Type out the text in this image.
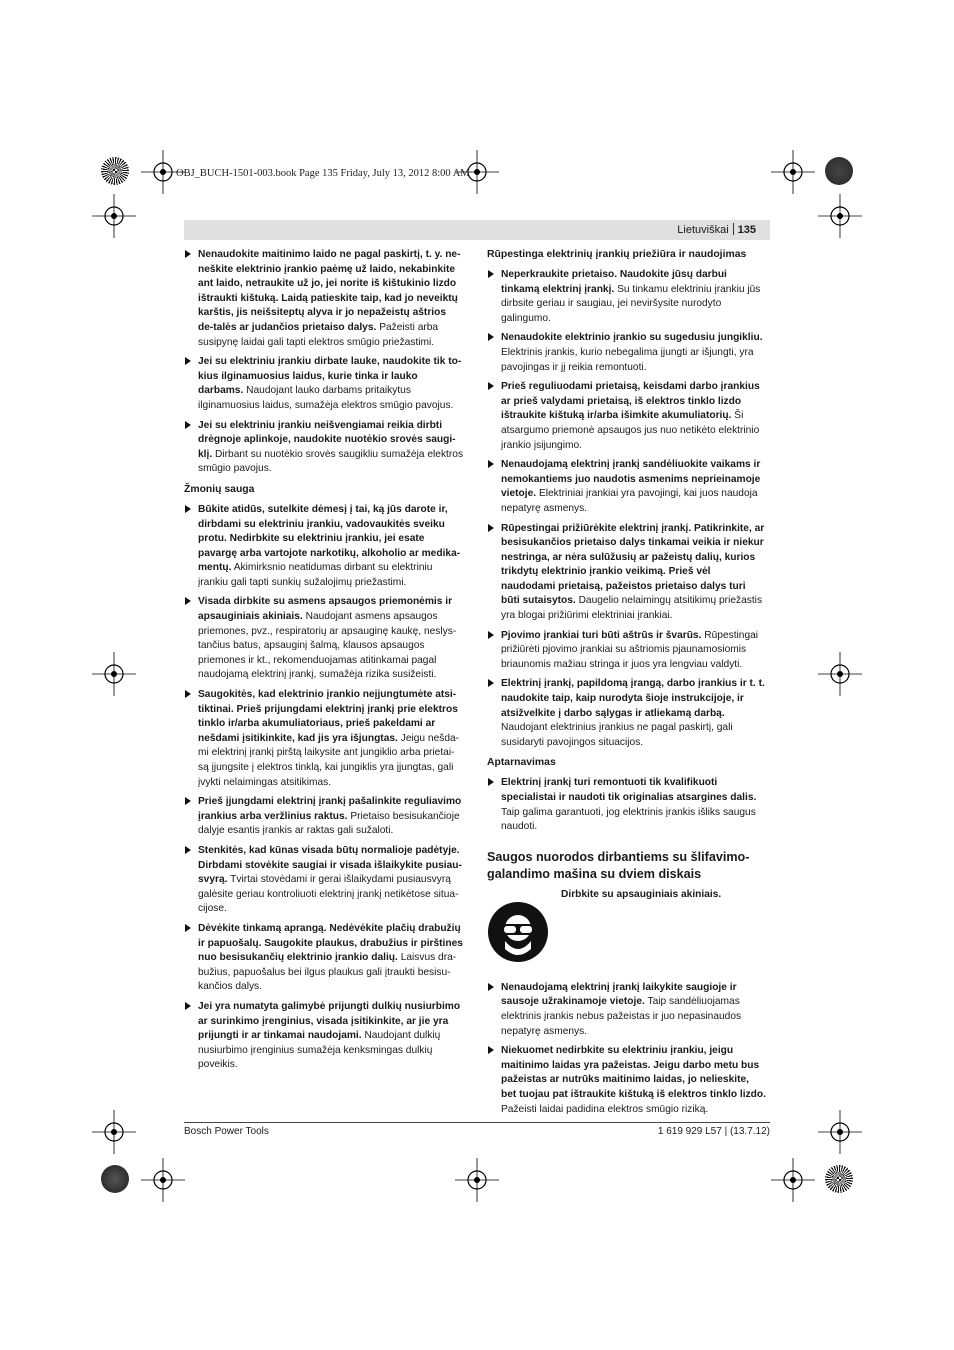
OBJ_BUCH-1501-003.book Page 135 Friday, July 13, 2012 8:00 AM
Lietuviškai 135
Nenaudokite maitinimo laido ne pagal paskirtį, t. y. ne-neškite elektrinio įrankio paėmę už laido, nekabinkite ant laido, netraukite už jo, jei norite iš kištukinio lizdo ištraukti kištuką. Laidą patieskite taip, kad jo neveiktų karštis, jis neišsiteptų alyva ir jo nepažeistų aštrios de-talės ar judančios prietaiso dalys. Pažeisti arba susipynę laidai gali tapti elektros smūgio priežastimi.
Jei su elektriniu įrankiu dirbate lauke, naudokite tik to-kius ilginamuosius laidus, kurie tinka ir lauko darbams. Naudojant lauko darbams pritaikytus ilginamuosius laidus, sumažėja elektros smūgio pavojus.
Jei su elektriniu įrankiu neišvengiamai reikia dirbti drėgnoje aplinkoje, naudokite nuotėkio srovės saugi-klį. Dirbant su nuotėkio srovės saugikliu sumažėja elektros smūgio pavojus.
Žmonių sauga
Būkite atidūs, sutelkite dėmesį į tai, ką jūs darote ir, dirbdami su elektriniu įrankiu, vadovaukitės sveiku protu. Nedirbkite su elektriniu įrankiu, jei esate pavargę arba vartojote narkotikų, alkoholio ar medika-mentų. Akimirksnio neatidumas dirbant su elektriniu įrankiu gali tapti sunkių sužalojimų priežastimi.
Visada dirbkite su asmens apsaugos priemonėmis ir apsauginiais akiniais. Naudojant asmens apsaugos priemones, pvz., respiratorių ar apsauginę kaukę, neslys-tančius batus, apsauginį šalmą, klausos apsaugos priemones ir kt., rekomenduojamas atitinkamai pagal naudojamą elektrinį įrankį, sumažėja rizika susižeisti.
Saugokitės, kad elektrinio įrankio neįjungtumėte atsi-tiktinai. Prieš prijungdami elektrinį įrankį prie elektros tinklo ir/arba akumuliatoriaus, prieš pakeldami ar nešdami įsitikinkite, kad jis yra išjungtas. Jeigu nešda-mi elektrinį įrankį pirštą laikysite ant jungiklio arba prietai-są įjungsite į elektros tinklą, kai jungiklis yra įjungtas, gali įvykti nelaimingas atsitikimas.
Prieš įjungdami elektrinį įrankį pašalinkite reguliavimo įrankius arba veržlinius raktus. Prietaiso besisukančioje dalyje esantis įrankis ar raktas gali sužaloti.
Stenkitės, kad kūnas visada būtų normalioje padėtyje. Dirbdami stovėkite saugiai ir visada išlaikykite pusiau-svyrą. Tvirtai stovėdami ir gerai išlaikydami pusiausvyrą galėsite geriau kontroliuoti elektrinį įrankį netikėtose situa-cijose.
Dėvėkite tinkamą aprangą. Nedėvėkite plačių drabužių ir papuošalų. Saugokite plaukus, drabužius ir pirštines nuo besisukančių elektrinio įrankio dalių. Laisvus dra-bužius, papuošalus bei ilgus plaukus gali įtraukti besisu-kančios dalys.
Jei yra numatyta galimybė prijungti dulkių nusiurbimo ar surinkimo įrenginius, visada įsitikinkite, ar jie yra prijungti ir ar tinkamai naudojami. Naudojant dulkių nusiurbimo įrenginius sumažėja kenksmingas dulkių poveikis.
Rūpestinga elektrinių įrankių priežiūra ir naudojimas
Neperkraukite prietaiso. Naudokite jūsų darbui tinkamą elektrinį įrankį. Su tinkamu elektriniu įrankiu jūs dirbsite geriau ir saugiau, jei neviršysite nurodyto galingumo.
Nenaudokite elektrinio įrankio su sugedusiu jungikliu. Elektrinis įrankis, kurio nebegalima įjungti ar išjungti, yra pavojingas ir jį reikia remontuoti.
Prieš reguliuodami prietaisą, keisdami darbo įrankius ar prieš valydami prietaisą, iš elektros tinklo lizdo ištraukite kištuką ir/arba išimkite akumuliatorių. Ši atsargumo priemonė apsaugos jus nuo netikėto elektrinio įrankio įsijungimo.
Nenaudojamą elektrinį įrankį sandėliuokite vaikams ir nemokantiems juo naudotis asmenims neprieinamoje vietoje. Elektriniai įrankiai yra pavojingi, kai juos naudoja nepatyrę asmenys.
Rūpestingai prižiūrėkite elektrinį įrankį. Patikrinkite, ar besisukančios prietaiso dalys tinkamai veikia ir niekur nestringa, ar nėra sulūžusių ar pažeistų dalių, kurios trikdytų elektrinio įrankio veikimą. Prieš vėl naudodami prietaisą, pažeistos prietaiso dalys turi būti sutaisytos. Daugelio nelaimingų atsitikimų priežastis yra blogai prižiūrimi elektriniai įrankiai.
Pjovimo įrankiai turi būti aštrūs ir švarūs. Rūpestingai prižiūrėti pjovimo įrankiai su aštriomis pjaunamosiomis briaunomis mažiau stringa ir juos yra lengviau valdyti.
Elektrinį įrankį, papildomą įrangą, darbo įrankius ir t. t. naudokite taip, kaip nurodyta šioje instrukcijoje, ir atsižvelkite į darbo sąlygas ir atliekamą darbą. Naudojant elektrinius įrankius ne pagal paskirtį, gali susidaryti pavojingos situacijos.
Aptarnavimas
Elektrinį įrankį turi remontuoti tik kvalifikuoti specialistai ir naudoti tik originalias atsargines dalis. Taip galima garantuoti, jog elektrinis įrankis išliks saugus naudoti.
Saugos nuorodos dirbantiems su šlifavimo-galandimo mašina su dviem diskais
Dirbkite su apsauginiais akiniais.
Nenaudojamą elektrinį įrankį laikykite saugioje ir sausoje užrakinamoje vietoje. Taip sandėliuojamas elektrinis įrankis nebus pažeistas ir juo nepasinaudos nepatyrę asmenys.
Niekuomet nedirbkite su elektriniu įrankiu, jeigu maitinimo laidas yra pažeistas. Jeigu darbo metu bus pažeistas ar nutrūks maitinimo laidas, jo nelieskite, bet tuojau pat ištraukite kištuką iš elektros tinklo lizdo. Pažeisti laidai padidina elektros smūgio riziką.
Bosch Power Tools	1 619 929 L57 | (13.7.12)
